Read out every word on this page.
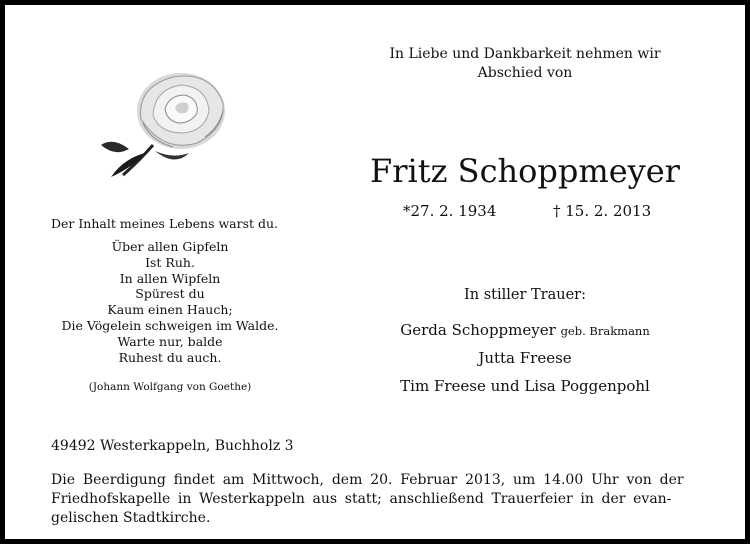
In Liebe und Dankbarkeit nehmen wir
Abschied von
Fritz Schoppmeyer
*27. 2. 1934	† 15. 2. 2013
Der Inhalt meines Lebens warst du.
Über allen Gipfeln
Ist Ruh.
In allen Wipfeln
Spürest du
Kaum einen Hauch;
Die Vögelein schweigen im Walde.
Warte nur, balde
Ruhest du auch.
(Johann Wolfgang von Goethe)
In stiller Trauer:
Gerda Schoppmeyer geb. Brakmann
Jutta Freese
Tim Freese und Lisa Poggenpohl
49492 Westerkappeln, Buchholz 3
Die Beerdigung findet am Mittwoch, dem 20. Februar 2013, um 14.00 Uhr von der
Friedhofskapelle in Westerkappeln aus statt; anschließend Trauerfeier in der evan-
gelischen Stadtkirche.
